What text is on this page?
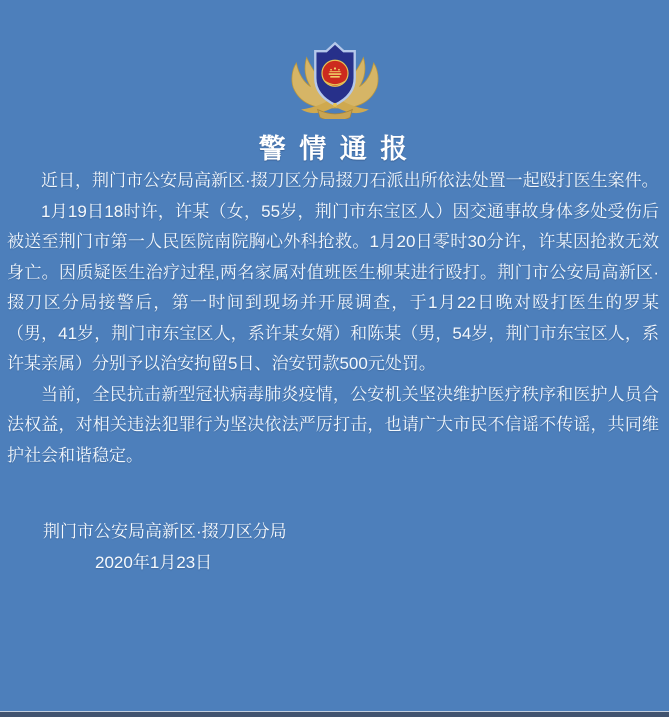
警 情 通 报

近日，荆门市公安局高新区·掇刀区分局掇刀石派出所依法处置一起殴打医生案件。

1月19日18时许，许某（女，55岁，荆门市东宝区人）因交通事故身体多处受伤后被送至荆门市第一人民医院南院胸心外科抢救。1月20日零时30分许，许某因抢救无效身亡。因质疑医生治疗过程,两名家属对值班医生柳某进行殴打。荆门市公安局高新区·掇刀区分局接警后，第一时间到现场并开展调查，于1月22日晚对殴打医生的罗某（男，41岁，荆门市东宝区人，系许某女婿）和陈某（男，54岁，荆门市东宝区人，系许某亲属）分别予以治安拘留5日、治安罚款500元处罚。

当前，全民抗击新型冠状病毒肺炎疫情，公安机关坚决维护医疗秩序和医护人员合法权益，对相关违法犯罪行为坚决依法严厉打击，也请广大市民不信谣不传谣，共同维护社会和谐稳定。

荆门市公安局高新区·掇刀区分局
2020年1月23日
